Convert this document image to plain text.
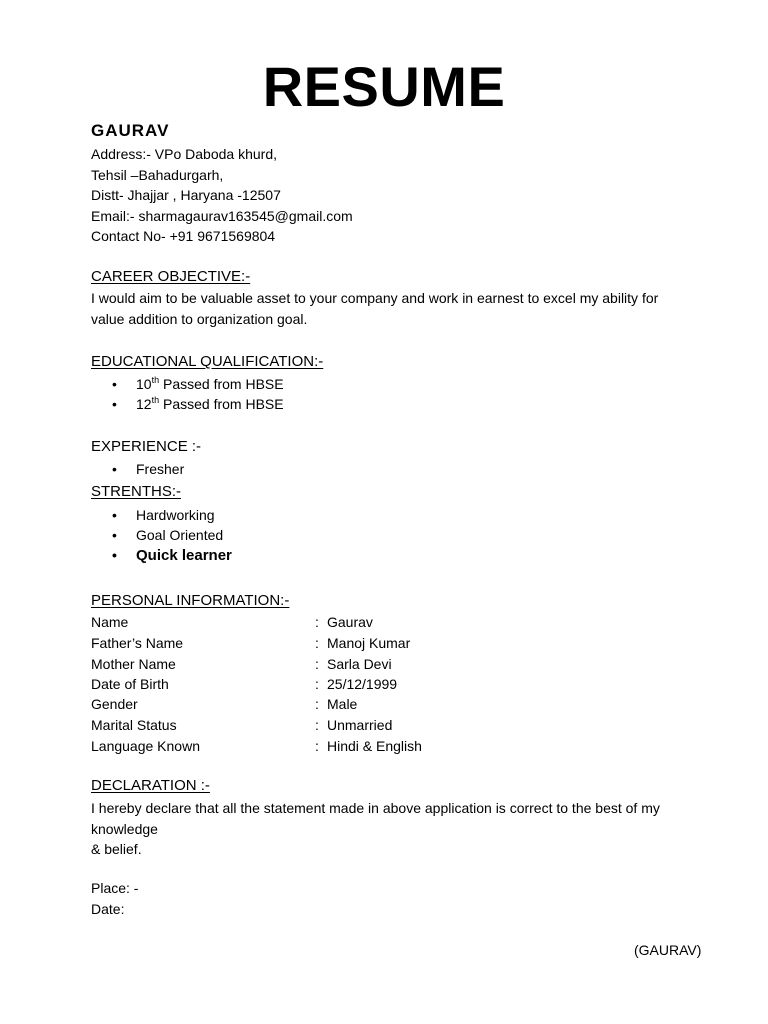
RESUME
GAURAV
Address:- VPo Daboda khurd,
Tehsil –Bahadurgarh,
Distt- Jhajjar , Haryana -12507
Email:- sharmagaurav163545@gmail.com
Contact No- +91 9671569804
CAREER OBJECTIVE:-
I would aim to be valuable asset to your company and work in earnest to excel my ability for
value addition to organization goal.
EDUCATIONAL QUALIFICATION:-
• 10th Passed from HBSE
• 12th Passed from HBSE
EXPERIENCE :-
• Fresher
STRENTHS:-
• Hardworking
• Goal Oriented
• Quick learner
PERSONAL INFORMATION:-
Name	: Gaurav
Father’s Name	: Manoj Kumar
Mother Name	: Sarla Devi
Date of Birth	: 25/12/1999
Gender	: Male
Marital Status	: Unmarried
Language Known	: Hindi & English
DECLARATION :-
I hereby declare that all the statement made in above application is correct to the best of my
knowledge
& belief.
Place: -
Date:
(GAURAV)
